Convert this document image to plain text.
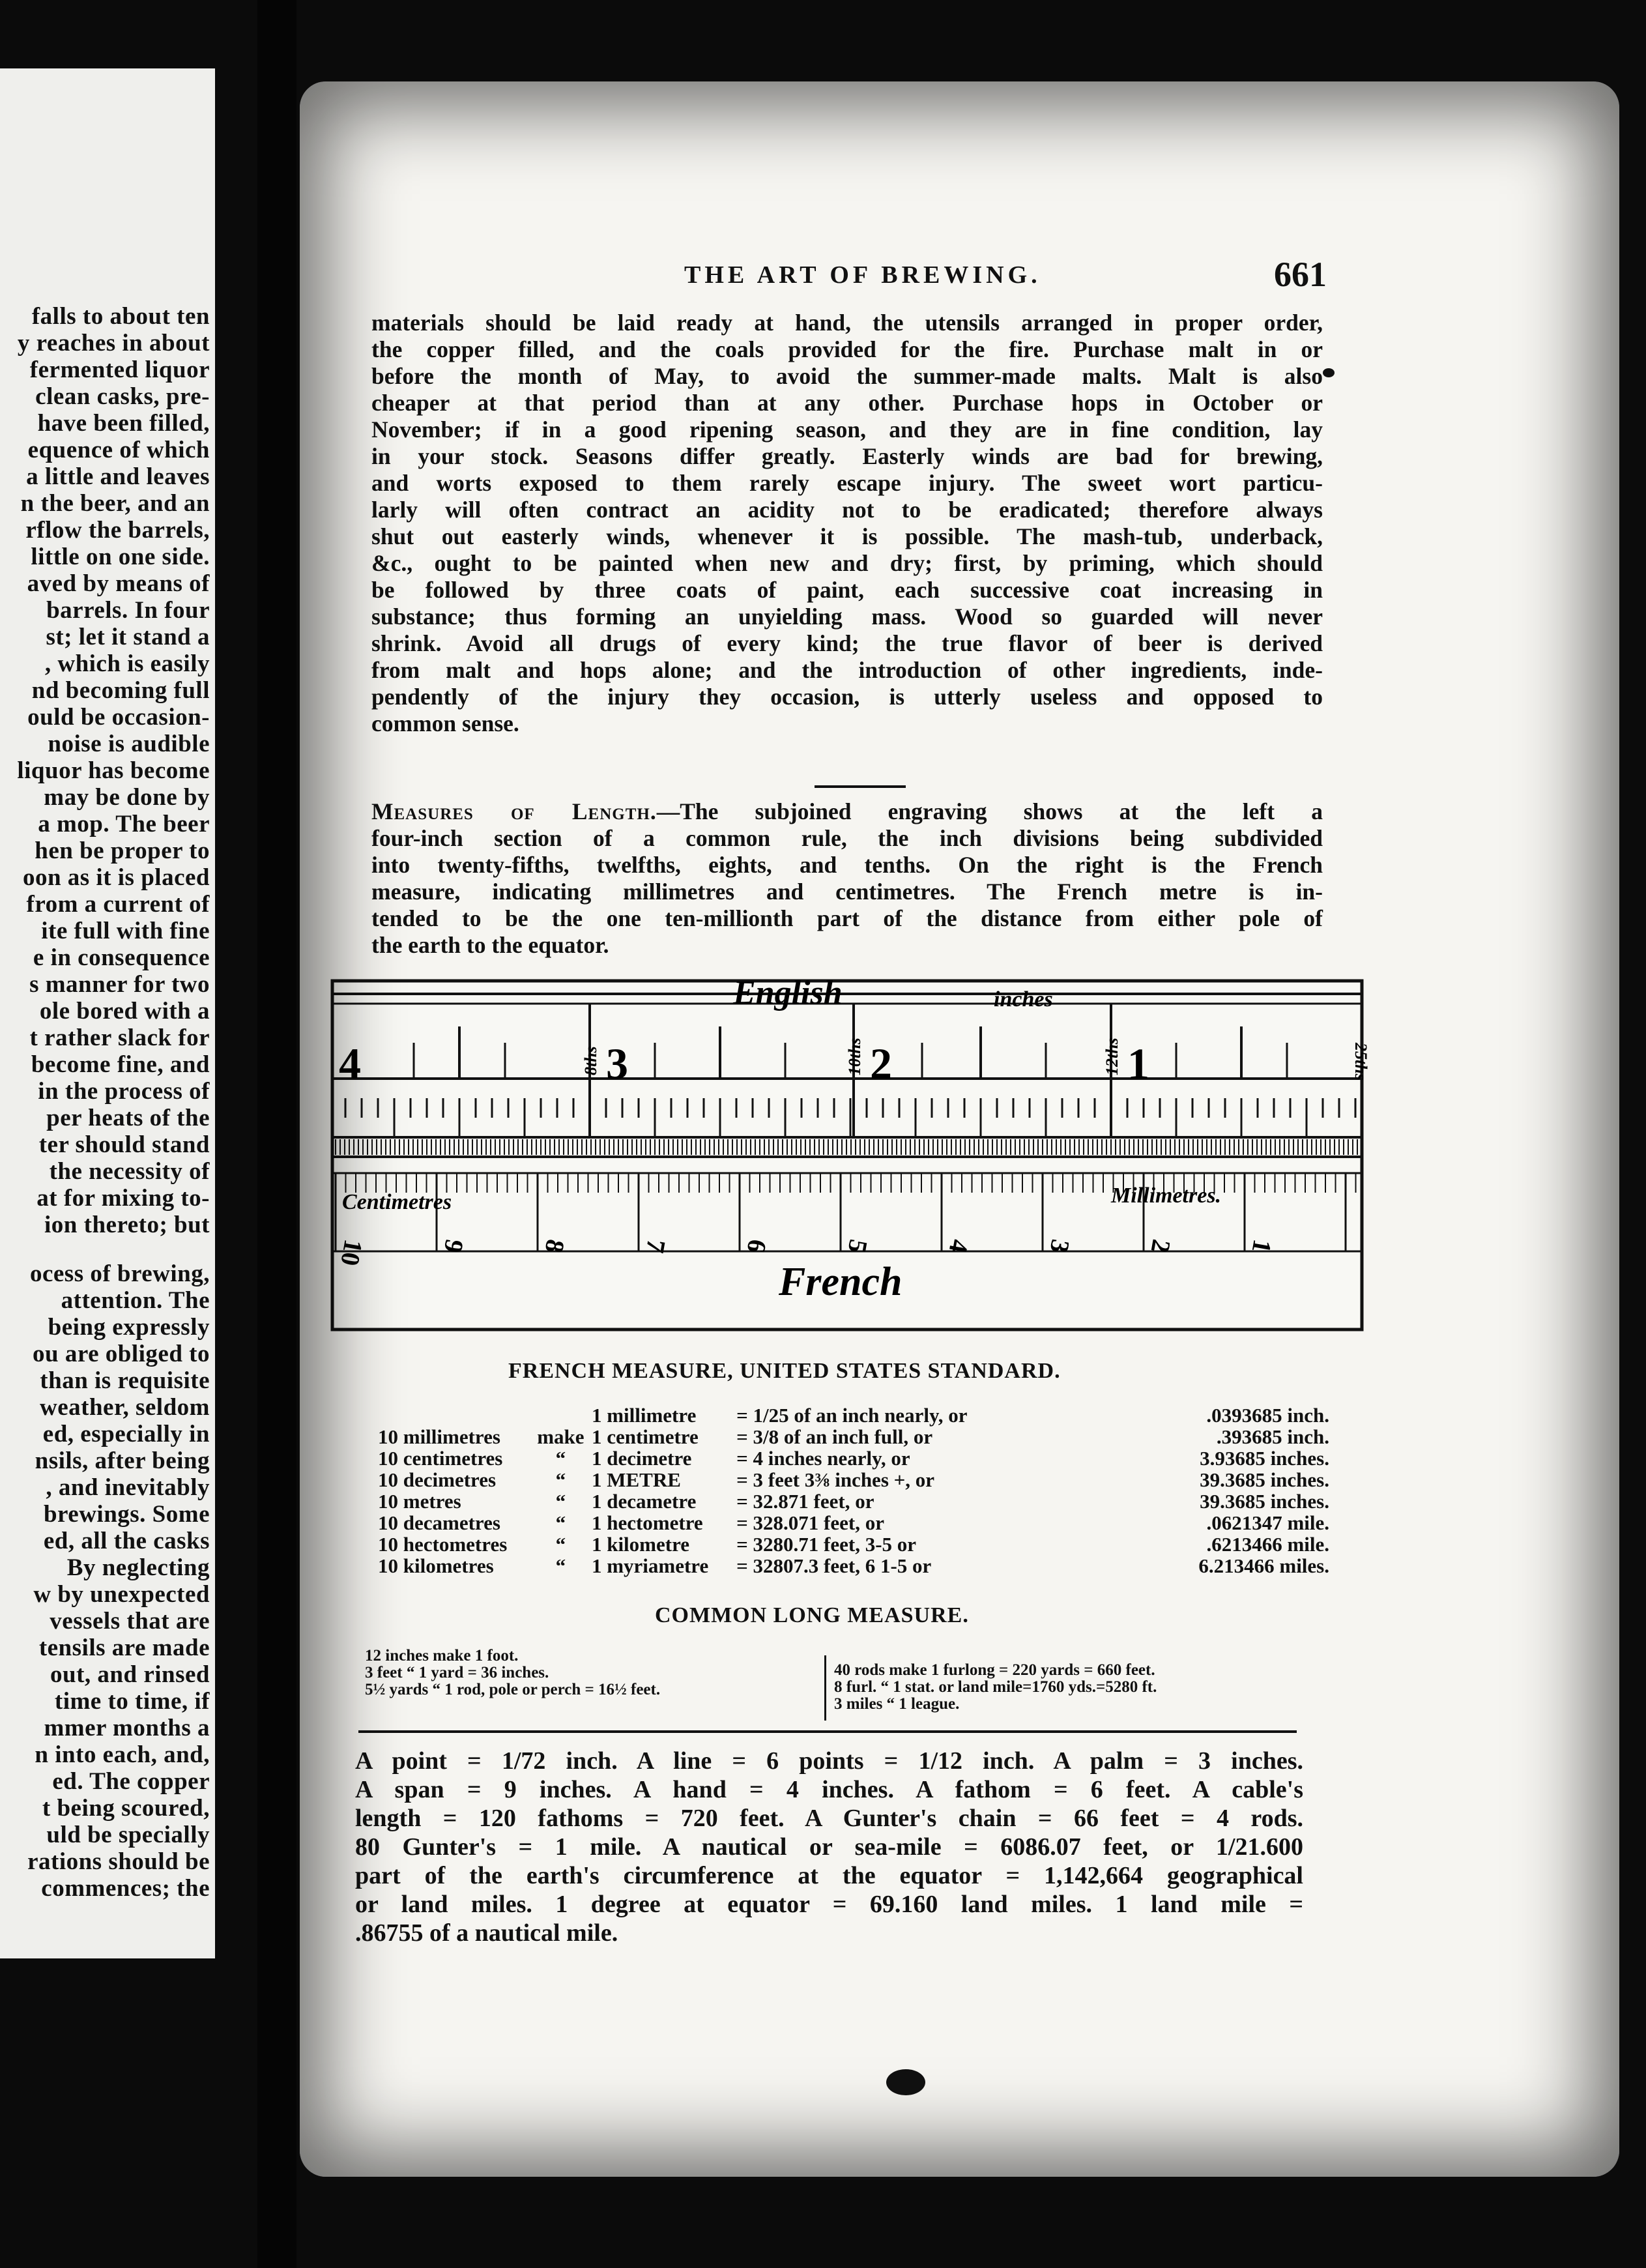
falls to about ten
y reaches in about
fermented liquor
clean casks, pre-
have been filled,
equence of which
a little and leaves
n the beer, and an
rflow the barrels,
little on one side.
aved by means of
barrels. In four
st; let it stand a
, which is easily
nd becoming full
ould be occasion-
noise is audible
liquor has become
may be done by
a mop. The beer
hen be proper to
oon as it is placed
from a current of
ite full with fine
e in consequence
s manner for two
ole bored with a
t rather slack for
become fine, and
in the process of
per heats of the
ter should stand
the necessity of
at for mixing to-
ion thereto; but
ocess of brewing,
attention. The
being expressly
ou are obliged to
than is requisite
weather, seldom
ed, especially in
nsils, after being
, and inevitably
brewings. Some
ed, all the casks
By neglecting
w by unexpected
vessels that are
tensils are made
out, and rinsed
time to time, if
mmer months a
n into each, and,
ed. The copper
t being scoured,
uld be specially
rations should be
commences; the
THE ART OF BREWING.	661
materials should be laid ready at hand, the utensils arranged in proper order,
the copper filled, and the coals provided for the fire. Purchase malt in or
before the month of May, to avoid the summer-made malts. Malt is also
cheaper at that period than at any other. Purchase hops in October or
November; if in a good ripening season, and they are in fine condition, lay
in your stock. Seasons differ greatly. Easterly winds are bad for brewing,
and worts exposed to them rarely escape injury. The sweet wort particu-
larly will often contract an acidity not to be eradicated; therefore always
shut out easterly winds, whenever it is possible. The mash-tub, underback,
&c., ought to be painted when new and dry; first, by priming, which should
be followed by three coats of paint, each successive coat increasing in
substance; thus forming an unyielding mass. Wood so guarded will never
shrink. Avoid all drugs of every kind; the true flavor of beer is derived
from malt and hops alone; and the introduction of other ingredients, inde-
pendently of the injury they occasion, is utterly useless and opposed to
common sense.
Measures of Length.—The subjoined engraving shows at the left a
four-inch section of a common rule, the inch divisions being subdivided
into twenty-fifths, twelfths, eights, and tenths. On the right is the French
measure, indicating millimetres and centimetres. The French metre is in-
tended to be the one ten-millionth part of the distance from either pole of
the earth to the equator.
English	inches
4	3	2	1
8ths	10ths	12ths	25ths
Centimetres	Millimetres.
French
10	9	8	7	6	5	4	3	2	1
FRENCH MEASURE, UNITED STATES STANDARD.
		1 millimetre	= 1/25 of an inch nearly, or	.0393685 inch.
10 millimetres	make	1 centimetre	= 3/8 of an inch full, or	.393685 inch.
10 centimetres	“	1 decimetre	= 4 inches nearly, or	3.93685 inches.
10 decimetres	“	1 METRE	= 3 feet 3⅜ inches +, or	39.3685 inches.
10 metres	“	1 decametre	= 32.871 feet, or	39.3685 inches.
10 decametres	“	1 hectometre	= 328.071 feet, or	.0621347 mile.
10 hectometres	“	1 kilometre	= 3280.71 feet, 3-5 or	.6213466 mile.
10 kilometres	“	1 myriametre	= 32807.3 feet, 6 1-5 or	6.213466 miles.
COMMON LONG MEASURE.
12 inches make 1 foot.
3 feet “ 1 yard = 36 inches.
5½ yards “ 1 rod, pole or perch = 16½ feet.
40 rods make 1 furlong = 220 yards = 660 feet.
8 furl. “ 1 stat. or land mile=1760 yds.=5280 ft.
3 miles “ 1 league.
A point = 1/72 inch. A line = 6 points = 1/12 inch. A palm = 3 inches.
A span = 9 inches. A hand = 4 inches. A fathom = 6 feet. A cable's
length = 120 fathoms = 720 feet. A Gunter's chain = 66 feet = 4 rods.
80 Gunter's = 1 mile. A nautical or sea-mile = 6086.07 feet, or 1/21.600
part of the earth's circumference at the equator = 1,142,664 geographical
or land miles. 1 degree at equator = 69.160 land miles. 1 land mile =
.86755 of a nautical mile.
